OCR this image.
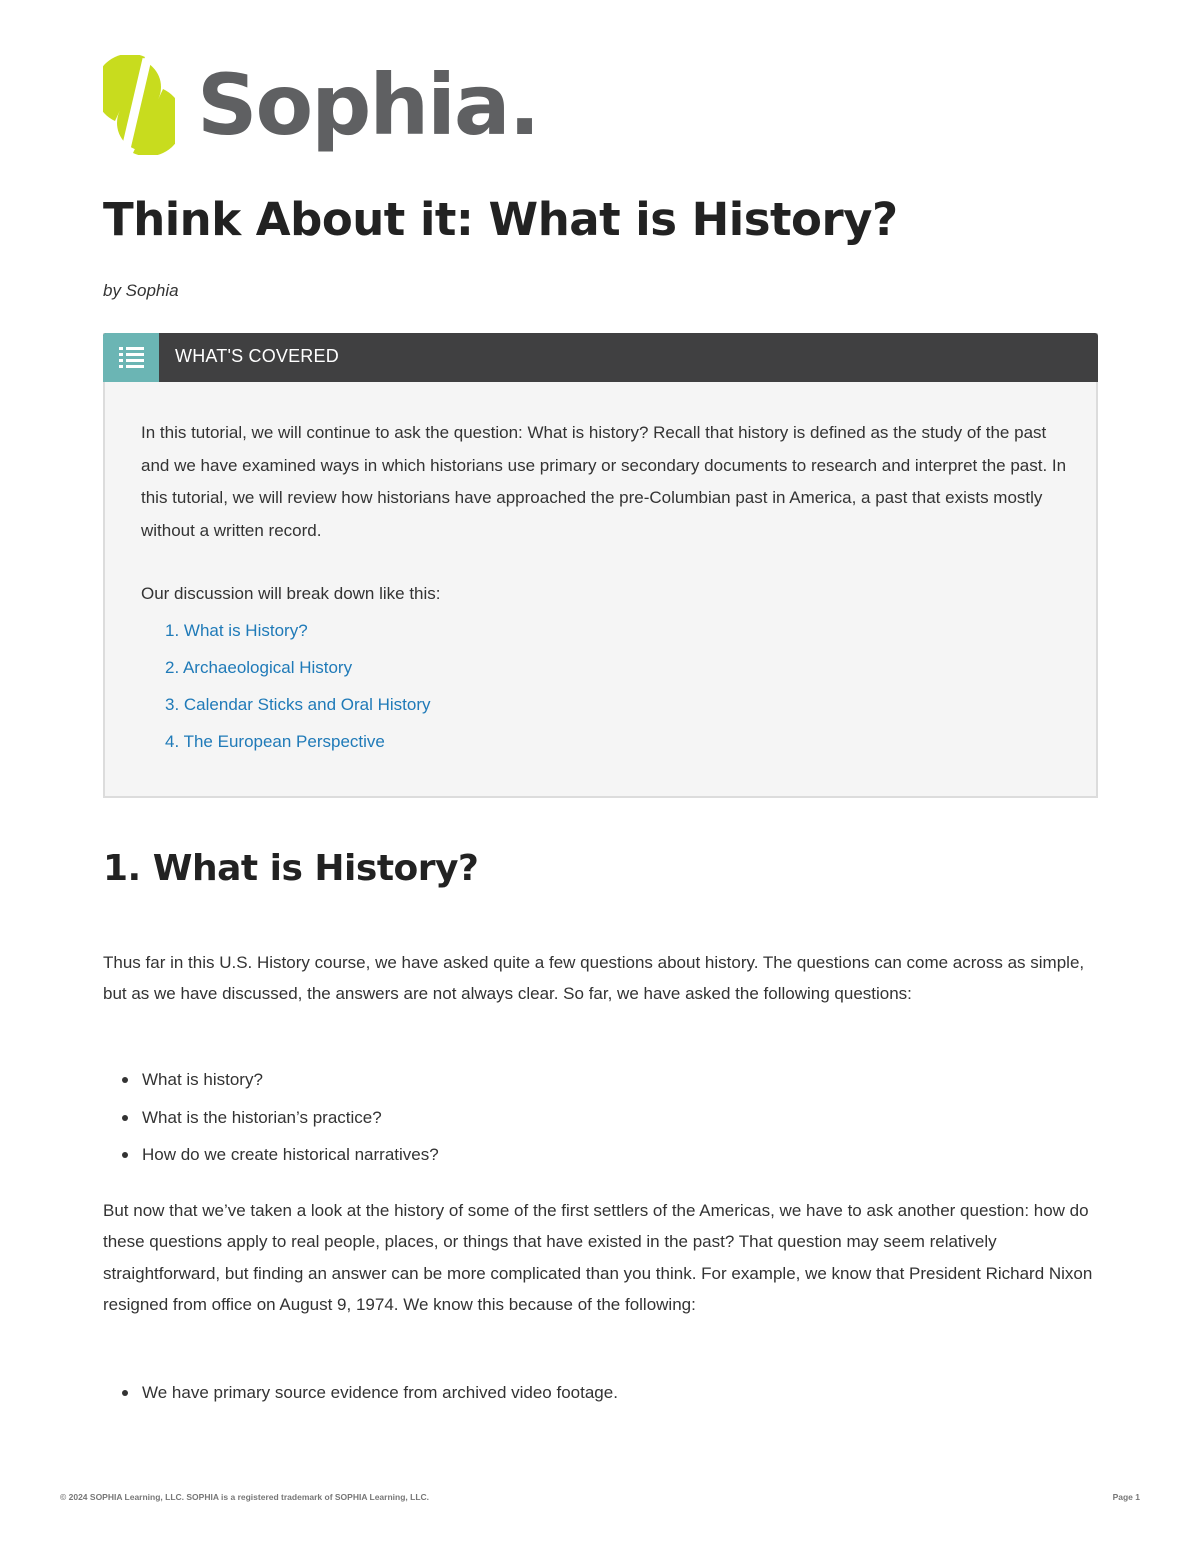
Sophia.
Think About it: What is History?
by Sophia
WHAT'S COVERED

In this tutorial, we will continue to ask the question: What is history? Recall that history is defined as the study of the past and we have examined ways in which historians use primary or secondary documents to research and interpret the past. In this tutorial, we will review how historians have approached the pre-Columbian past in America, a past that exists mostly without a written record.

Our discussion will break down like this:

1. What is History?
2. Archaeological History
3. Calendar Sticks and Oral History
4. The European Perspective
1. What is History?

Thus far in this U.S. History course, we have asked quite a few questions about history. The questions can come across as simple, but as we have discussed, the answers are not always clear. So far, we have asked the following questions:

What is history?
What is the historian’s practice?
How do we create historical narratives?

But now that we’ve taken a look at the history of some of the first settlers of the Americas, we have to ask another question: how do these questions apply to real people, places, or things that have existed in the past? That question may seem relatively straightforward, but finding an answer can be more complicated than you think. For example, we know that President Richard Nixon resigned from office on August 9, 1974. We know this because of the following:

We have primary source evidence from archived video footage.
© 2024 SOPHIA Learning, LLC. SOPHIA is a registered trademark of SOPHIA Learning, LLC.	Page 1
